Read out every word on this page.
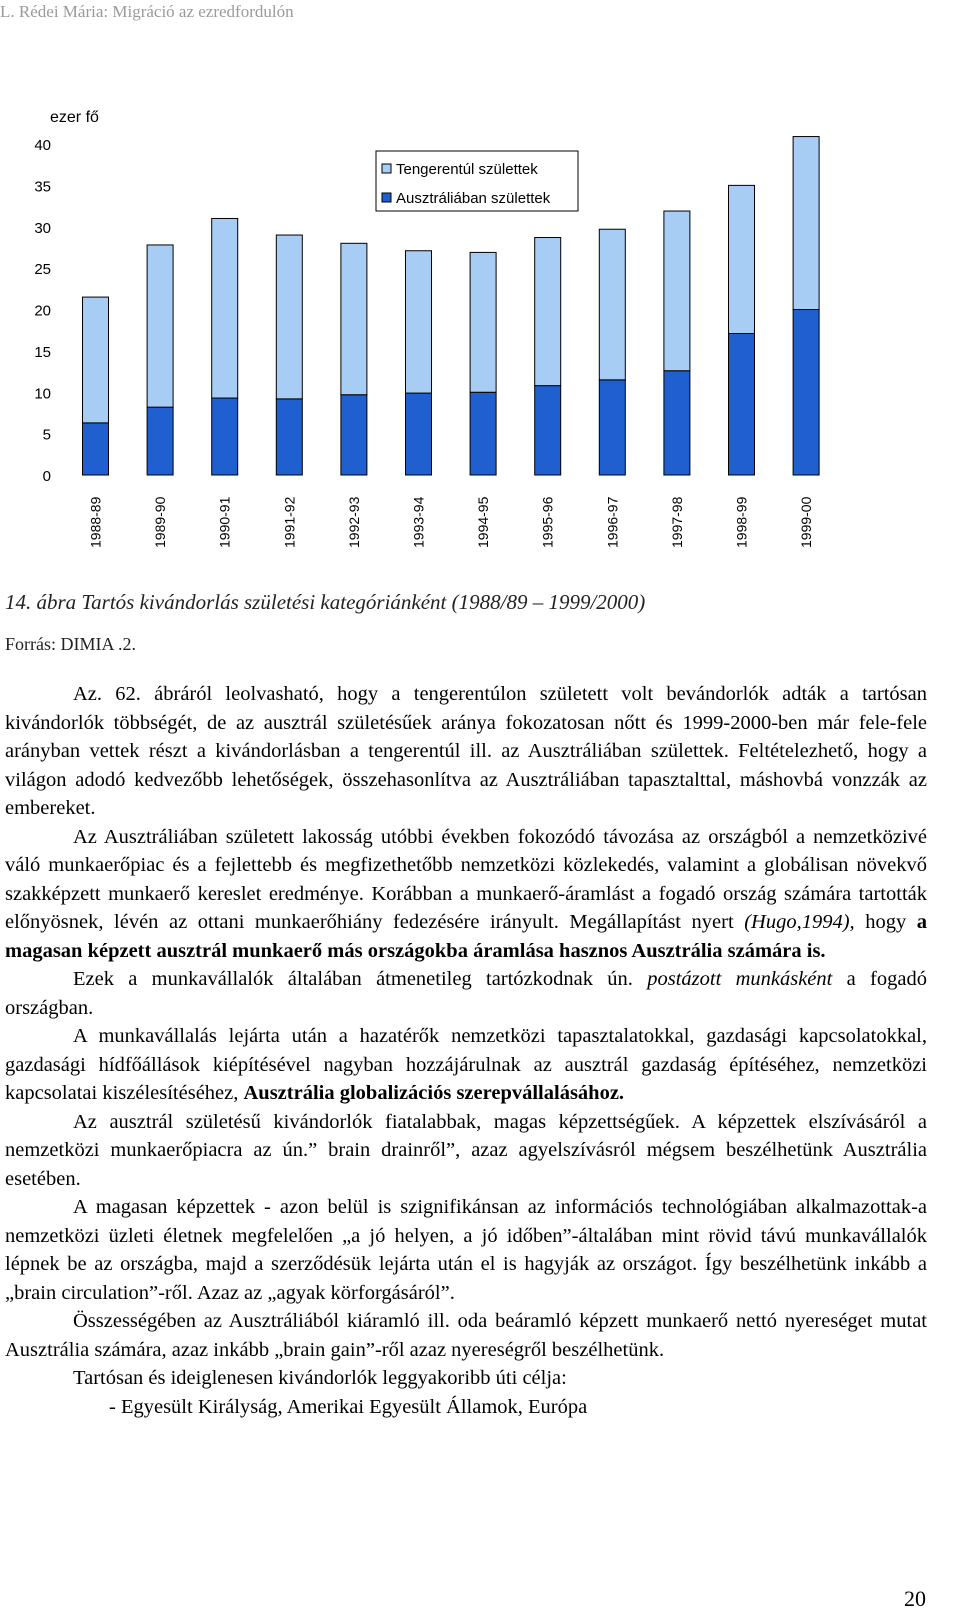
L. Rédei Mária: Migráció az ezredfordulón
ezer fő
0
5
10
15
20
25
30
35
40
1988-89	1989-90	1990-91	1991-92	1992-93	1993-94	1994-95	1995-96	1996-97	1997-98	1998-99	1999-00
Tengerentúl születtek
Ausztráliában születtek
14. ábra Tartós kivándorlás születési kategóriánként (1988/89 – 1999/2000)
Forrás: DIMIA .2.

Az. 62. ábráról leolvasható, hogy a tengerentúlon született volt bevándorlók adták a tartósan kivándorlók többségét, de az ausztrál születésűek aránya fokozatosan nőtt és 1999-2000-ben már fele-fele arányban vettek részt a kivándorlásban a tengerentúl ill. az Ausztráliában születtek. Feltételezhető, hogy a világon adodó kedvezőbb lehetőségek, összehasonlítva az Ausztráliában tapasztalttal, máshovbá vonzzák az embereket.

Az Ausztráliában született lakosság utóbbi években fokozódó távozása az országból a nemzetközivé váló munkaerőpiac és a fejlettebb és megfizethetőbb nemzetközi közlekedés, valamint a globálisan növekvő szakképzett munkaerő kereslet eredménye. Korábban a munkaerő-áramlást a fogadó ország számára tartották előnyösnek, lévén az ottani munkaerőhiány fedezésére irányult. Megállapítást nyert (Hugo,1994), hogy a magasan képzett ausztrál munkaerő más országokba áramlása hasznos Ausztrália számára is.

Ezek a munkavállalók általában átmenetileg tartózkodnak ún. postázott munkásként a fogadó országban.

A munkavállalás lejárta után a hazatérők nemzetközi tapasztalatokkal, gazdasági kapcsolatokkal, gazdasági hídfőállások kiépítésével nagyban hozzájárulnak az ausztrál gazdaság építéséhez, nemzetközi kapcsolatai kiszélesítéséhez, Ausztrália globalizációs szerepvállalásához.

Az ausztrál születésű kivándorlók fiatalabbak, magas képzettségűek. A képzettek elszívásáról a nemzetközi munkaerőpiacra az ún.” brain drainről”, azaz agyelszívásról mégsem beszélhetünk Ausztrália esetében.

A magasan képzettek - azon belül is szignifikánsan az információs technológiában alkalmazottak-a nemzetközi üzleti életnek megfelelően „a jó helyen, a jó időben”-általában mint rövid távú munkavállalók lépnek be az országba, majd a szerződésük lejárta után el is hagyják az országot. Így beszélhetünk inkább a „brain circulation”-ről. Azaz az „agyak körforgásáról”.

Összességében az Ausztráliából kiáramló ill. oda beáramló képzett munkaerő nettó nyereséget mutat Ausztrália számára, azaz inkább „brain gain”-ről azaz nyereségről beszélhetünk.

Tartósan és ideiglenesen kivándorlók leggyakoribb úti célja:

- Egyesült Királyság, Amerikai Egyesült Államok, Európa

20
